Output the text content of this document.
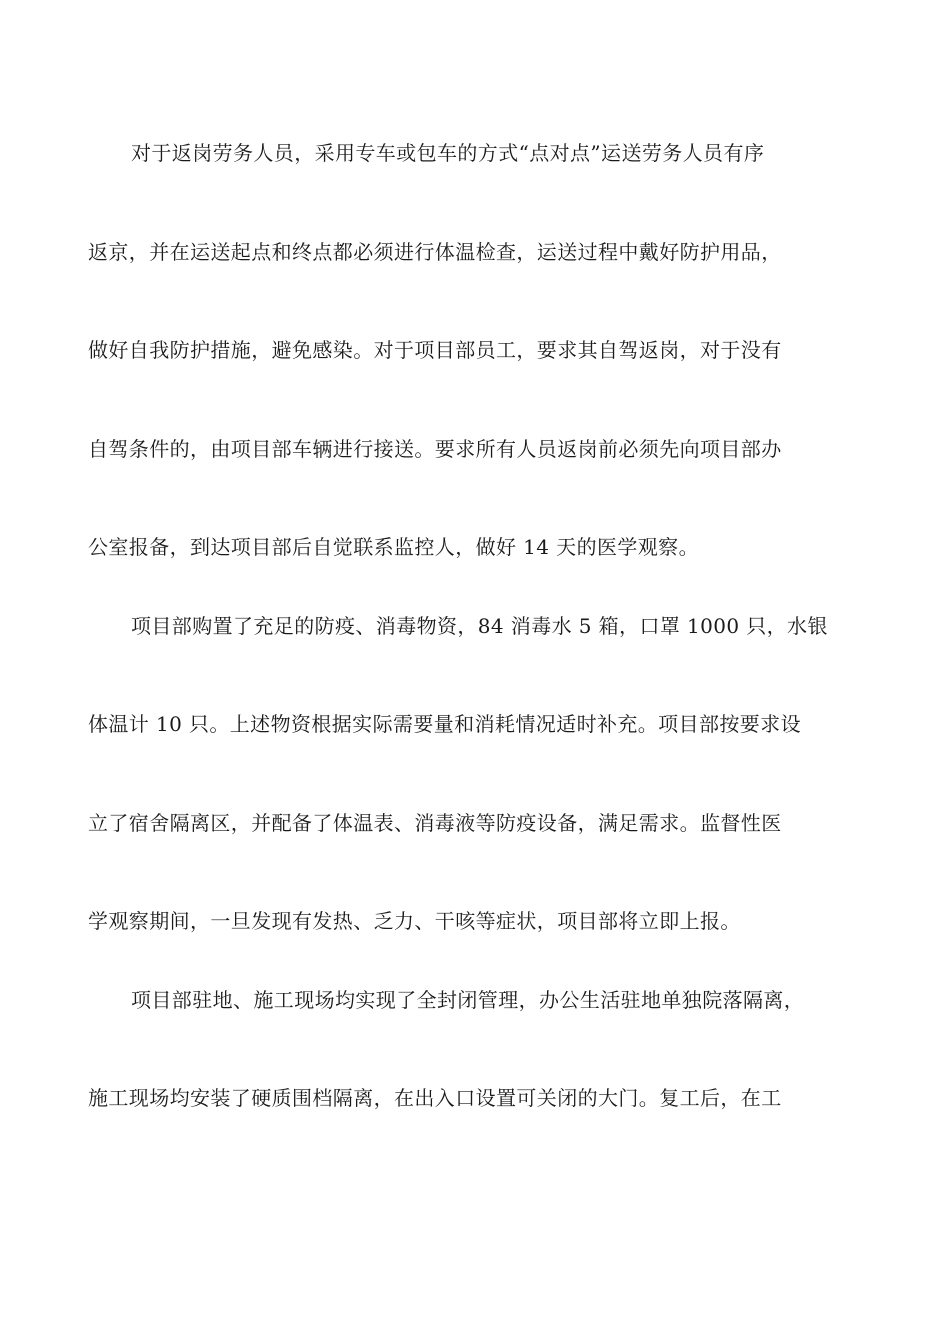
对于返岗劳务人员，采用专车或包车的方式“点对点”运送劳务人员有序
返京，并在运送起点和终点都必须进行体温检查，运送过程中戴好防护用品，
做好自我防护措施，避免感染。对于项目部员工，要求其自驾返岗，对于没有
自驾条件的，由项目部车辆进行接送。要求所有人员返岗前必须先向项目部办
公室报备，到达项目部后自觉联系监控人，做好 14 天的医学观察。
项目部购置了充足的防疫、消毒物资，84 消毒水 5 箱，口罩 1000 只，水银
体温计 10 只。上述物资根据实际需要量和消耗情况适时补充。项目部按要求设
立了宿舍隔离区，并配备了体温表、消毒液等防疫设备，满足需求。监督性医
学观察期间，一旦发现有发热、乏力、干咳等症状，项目部将立即上报。
项目部驻地、施工现场均实现了全封闭管理，办公生活驻地单独院落隔离，
施工现场均安装了硬质围档隔离，在出入口设置可关闭的大门。复工后，在工
